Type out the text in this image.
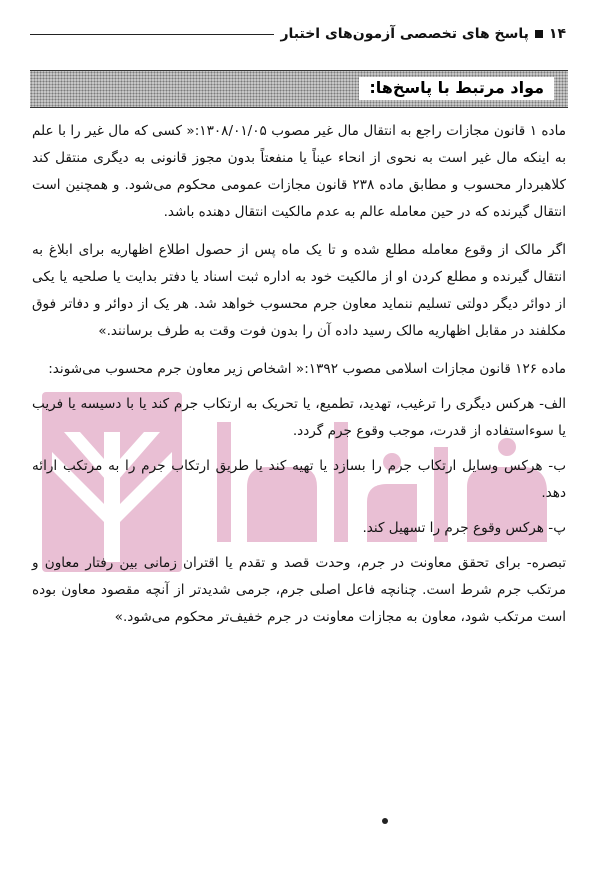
۱۴
پاسخ های تخصصی آزمون‌های اختبار
مواد مرتبط با پاسخ‌ها:

ماده ۱ قانون مجازات راجع به انتقال مال غیر مصوب ۱۳۰۸/۰۱/۰۵:« کسی که مال غیر را با علم به اینکه مال غیر است به نحوی از انحاء عیناً یا منفعتاً بدون مجوز قانونی به دیگری منتقل کند کلاهبردار محسوب و مطابق ماده ۲۳۸ قانون مجازات عمومی محکوم می‌شود. و همچنین است انتقال گیرنده که در حین معامله عالم به عدم مالکیت انتقال دهنده باشد.

اگر مالک از وقوع معامله مطلع شده و تا یک ماه پس از حصول اطلاع اظهاریه برای ابلاغ به انتقال گیرنده و مطلع کردن او از مالکیت خود به اداره ثبت اسناد یا دفتر بدایت یا صلحیه یا یکی از دوائر دیگر دولتی تسلیم ننماید معاون جرم محسوب خواهد شد. هر یک از دوائر و دفاتر فوق مکلفند در مقابل اظهاریه مالک رسید داده آن را بدون فوت وقت به طرف برسانند.»

ماده ۱۲۶ قانون مجازات اسلامی مصوب ۱۳۹۲:« اشخاص زیر معاون جرم محسوب می‌شوند:

الف- هرکس دیگری را ترغیب، تهدید، تطمیع، یا تحریک به ارتکاب جرم کند یا با دسیسه یا فریب یا سوءاستفاده از قدرت، موجب وقوع جرم گردد.

ب- هرکس وسایل ارتکاب جرم را بسازد یا تهیه کند یا طریق ارتکاب جرم را به مرتکب ارائه دهد.

پ- هرکس وقوع جرم را تسهیل کند.

تبصره- برای تحقق معاونت در جرم، وحدت قصد و تقدم یا اقتران زمانی بین رفتار معاون و مرتکب جرم شرط است. چنانچه فاعل اصلی جرم، جرمی شدیدتر از آنچه مقصود معاون بوده است مرتکب شود، معاون به مجازات معاونت در جرم خفیف‌تر محکوم می‌شود.»
